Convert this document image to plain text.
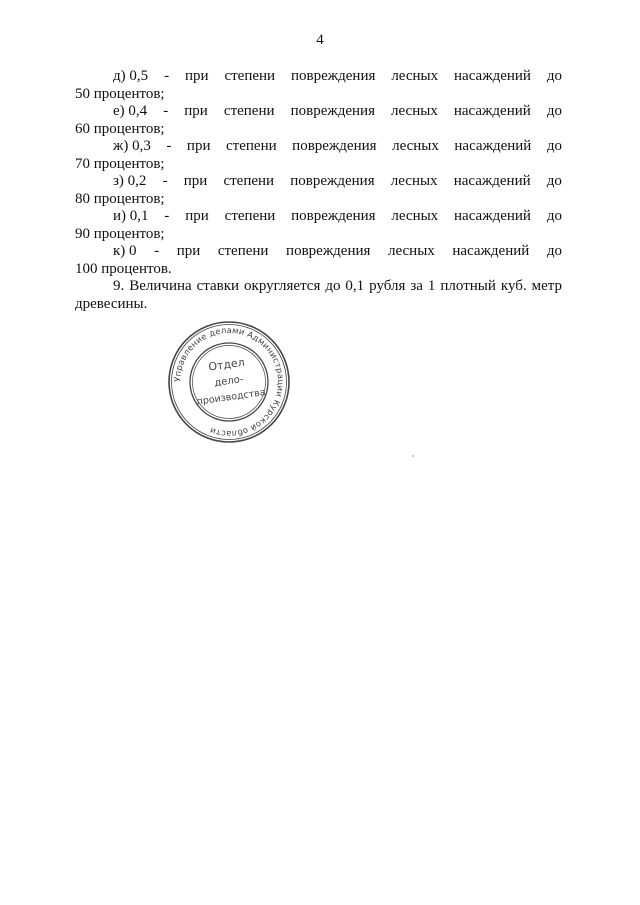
4
д) 0,5 - при степени повреждения лесных насаждений до
50 процентов;
е) 0,4 - при степени повреждения лесных насаждений до
60 процентов;
ж) 0,3 - при степени повреждения лесных насаждений до
70 процентов;
з) 0,2 - при степени повреждения лесных насаждений до
80 процентов;
и) 0,1 - при степени повреждения лесных насаждений до
90 процентов;
к) 0 - при степени повреждения лесных насаждений до
100 процентов.

9. Величина ставки округляется до 0,1 рубля за 1 плотный куб. метр древесины.

Управление делами Администрации Курской области
Отдел
дело-
производства
